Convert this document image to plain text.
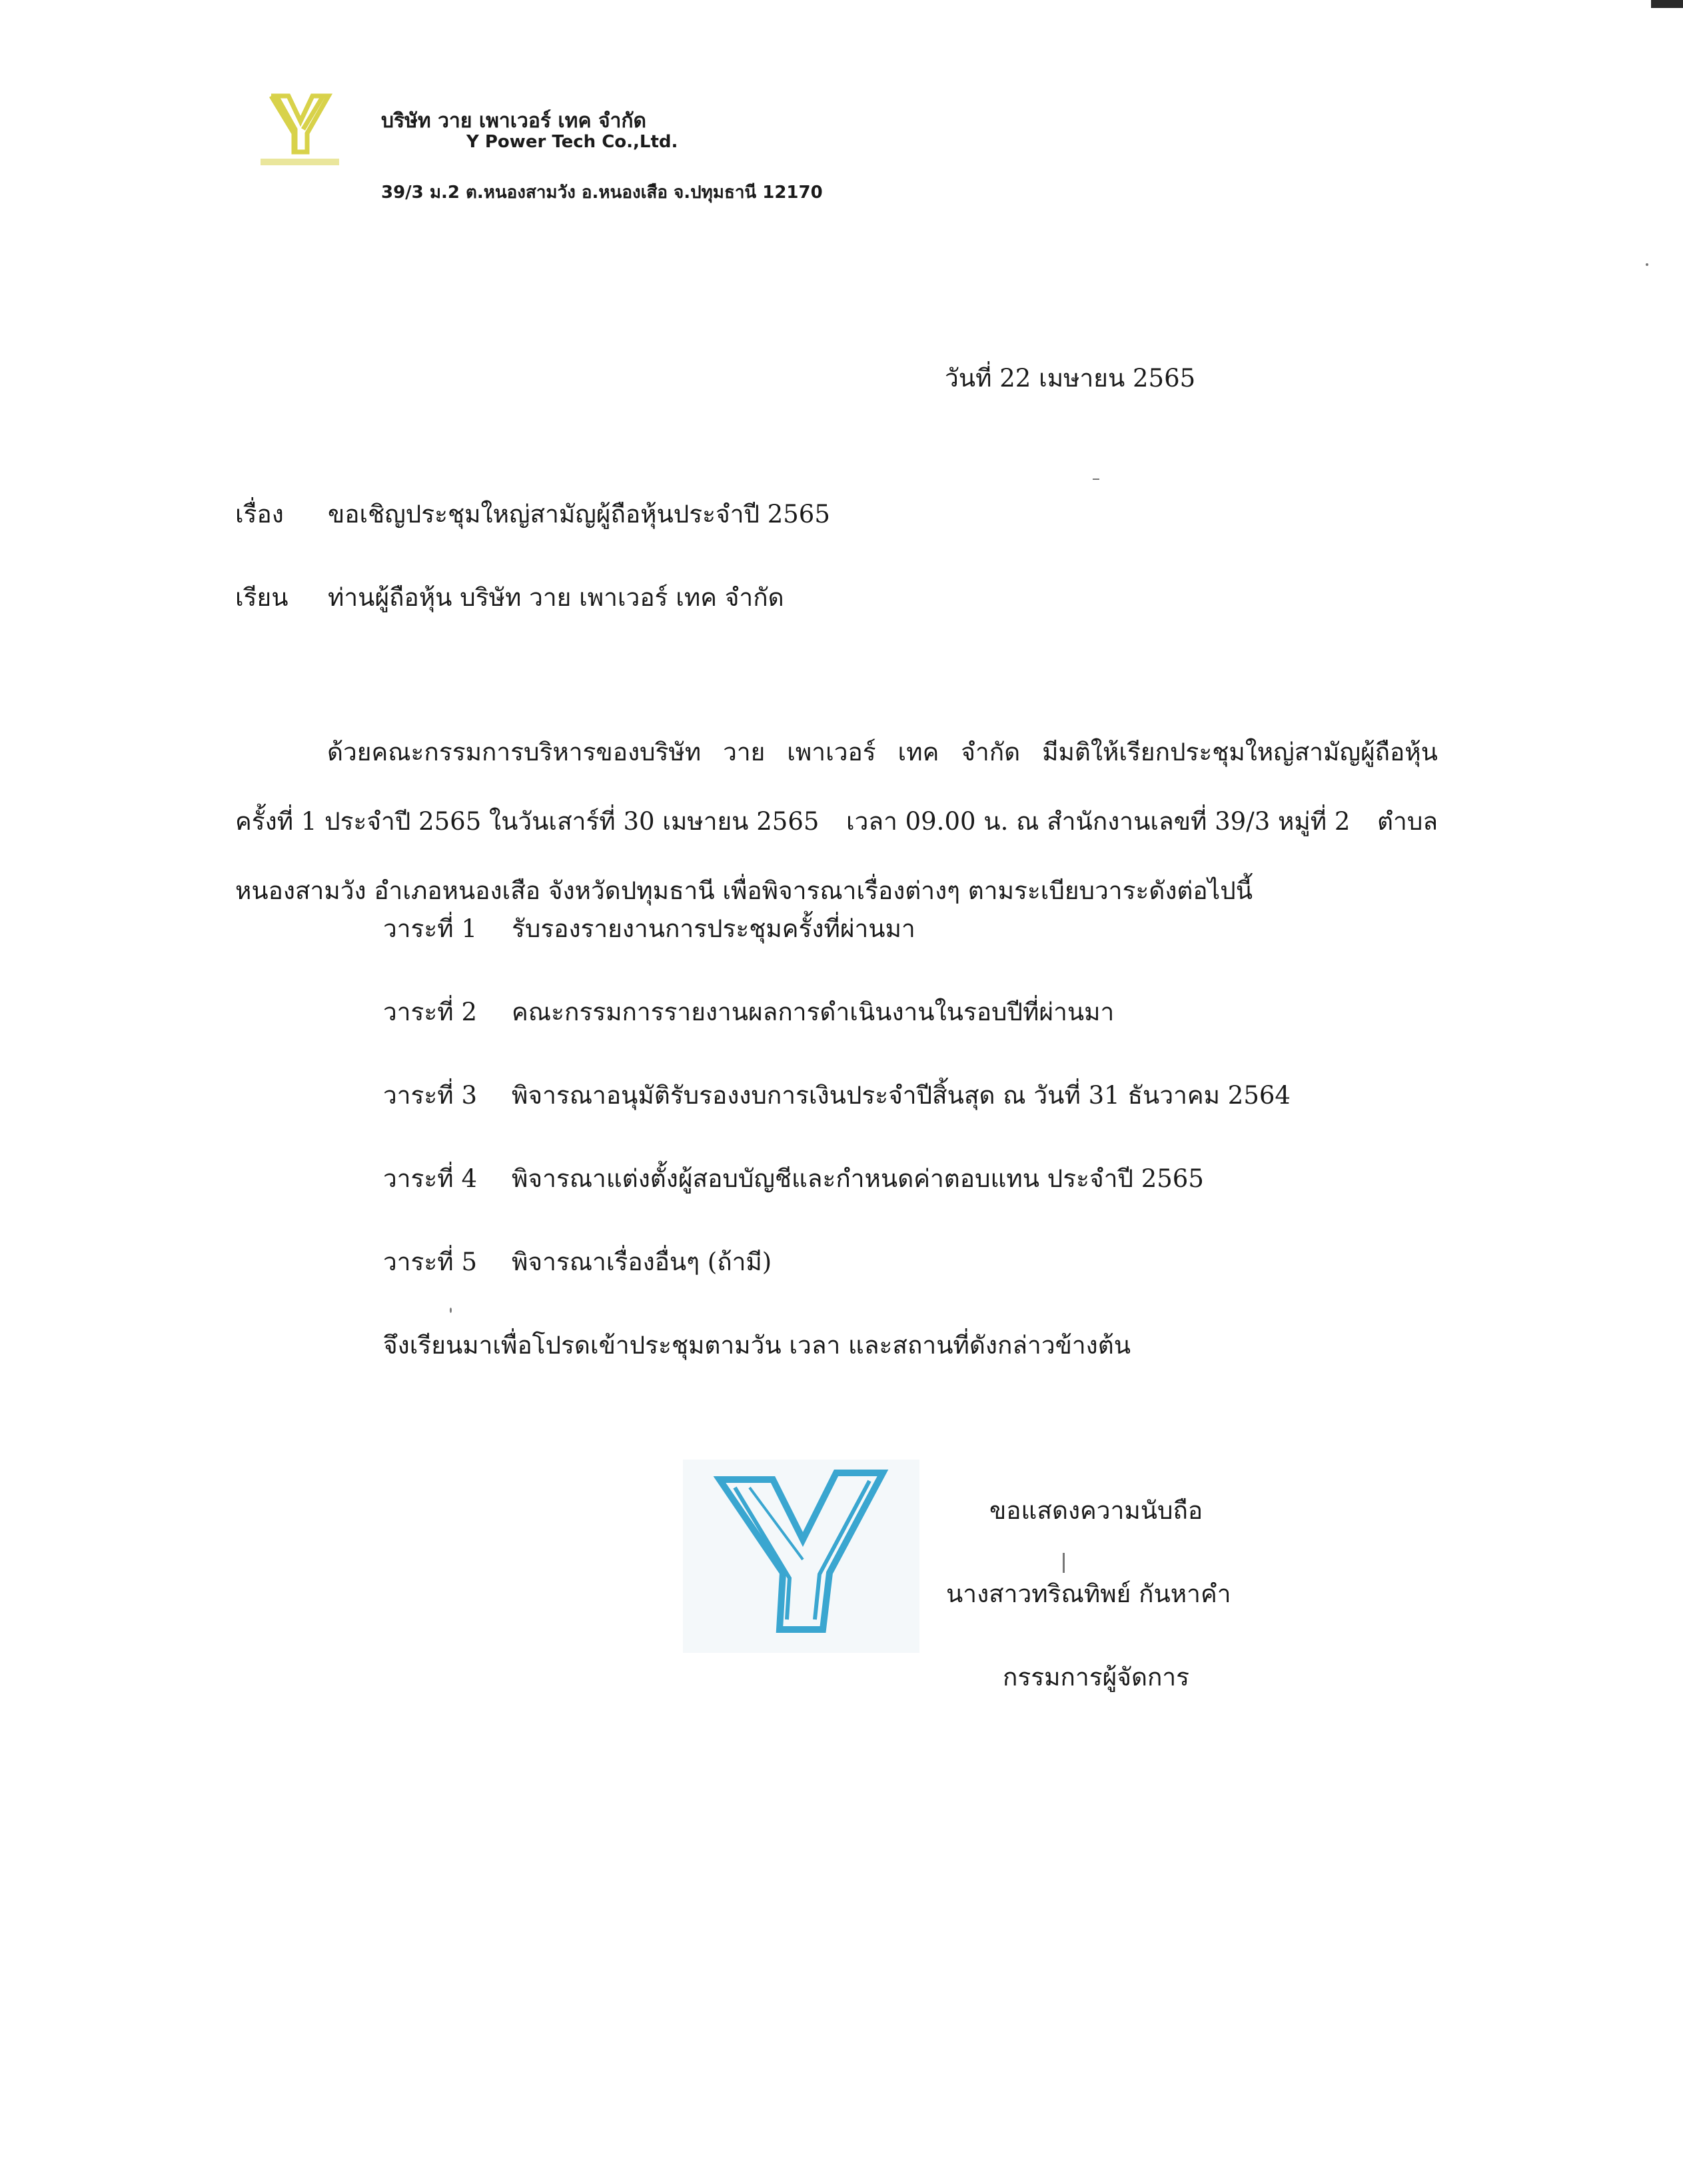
บริษัท วาย เพาเวอร์ เทค จำกัด
Y Power Tech Co.,Ltd.
39/3 ม.2 ต.หนองสามวัง อ.หนองเสือ จ.ปทุมธานี 12170
วันที่ 22 เมษายน 2565
เรื่อง ขอเชิญประชุมใหญ่สามัญผู้ถือหุ้นประจำปี 2565
เรียน ท่านผู้ถือหุ้น บริษัท วาย เพาเวอร์ เทค จำกัด
ด้วยคณะกรรมการบริหารของบริษัท วาย เพาเวอร์ เทค จำกัด มีมติให้เรียกประชุมใหญ่สามัญผู้ถือหุ้น
ครั้งที่ 1 ประจำปี 2565 ในวันเสาร์ที่ 30 เมษายน 2565 เวลา 09.00 น. ณ สำนักงานเลขที่ 39/3 หมู่ที่ 2 ตำบล
หนองสามวัง อำเภอหนองเสือ จังหวัดปทุมธานี เพื่อพิจารณาเรื่องต่างๆ ตามระเบียบวาระดังต่อไปนี้
วาระที่ 1 รับรองรายงานการประชุมครั้งที่ผ่านมา
วาระที่ 2 คณะกรรมการรายงานผลการดำเนินงานในรอบปีที่ผ่านมา
วาระที่ 3 พิจารณาอนุมัติรับรองงบการเงินประจำปีสิ้นสุด ณ วันที่ 31 ธันวาคม 2564
วาระที่ 4 พิจารณาแต่งตั้งผู้สอบบัญชีและกำหนดค่าตอบแทน ประจำปี 2565
วาระที่ 5 พิจารณาเรื่องอื่นๆ (ถ้ามี)
จึงเรียนมาเพื่อโปรดเข้าประชุมตามวัน เวลา และสถานที่ดังกล่าวข้างต้น
ขอแสดงความนับถือ
นางสาวทริณทิพย์ กันหาคำ
กรรมการผู้จัดการ
